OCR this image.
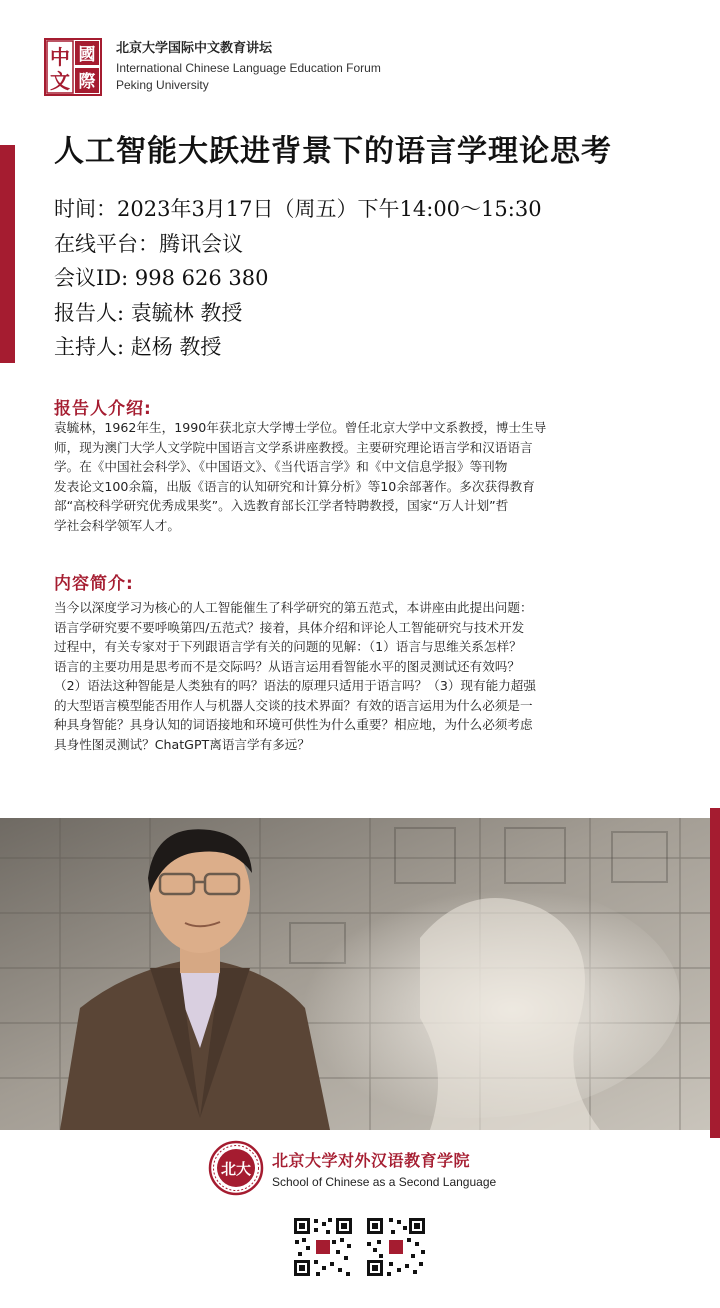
中
文
國
際
北京大学国际中文教育讲坛
International Chinese Language Education Forum
Peking University
人工智能大跃进背景下的语言学理论思考
时间：2023年3月17日（周五）下午14:00～15:30
在线平台：腾讯会议
会议ID: 998 626 380
报告人: 袁毓林 教授
主持人: 赵杨 教授
报告人介绍:
袁毓林，1962年生，1990年获北京大学博士学位。曾任北京大学中文系教授，博士生导
师，现为澳门大学人文学院中国语言文学系讲座教授。主要研究理论语言学和汉语语言
学。在《中国社会科学》、《中国语文》、《当代语言学》和《中文信息学报》等刊物
发表论文100余篇，出版《语言的认知研究和计算分析》等10余部著作。多次获得教育
部“高校科学研究优秀成果奖”。入选教育部长江学者特聘教授，国家“万人计划”哲
学社会科学领军人才。
内容简介:
当今以深度学习为核心的人工智能催生了科学研究的第五范式，本讲座由此提出问题：
语言学研究要不要呼唤第四/五范式？接着，具体介绍和评论人工智能研究与技术开发
过程中，有关专家对于下列跟语言学有关的问题的见解：（1）语言与思维关系怎样？
语言的主要功用是思考而不是交际吗？从语言运用看智能水平的图灵测试还有效吗？
（2）语法这种智能是人类独有的吗？语法的原理只适用于语言吗？（3）现有能力超强
的大型语言模型能否用作人与机器人交谈的技术界面？有效的语言运用为什么必须是一
种具身智能？具身认知的词语接地和环境可供性为什么重要？相应地，为什么必须考虑
具身性图灵测试？ChatGPT离语言学有多远？
北大 北京大学对外汉语教育学院
School of Chinese as a Second Language
